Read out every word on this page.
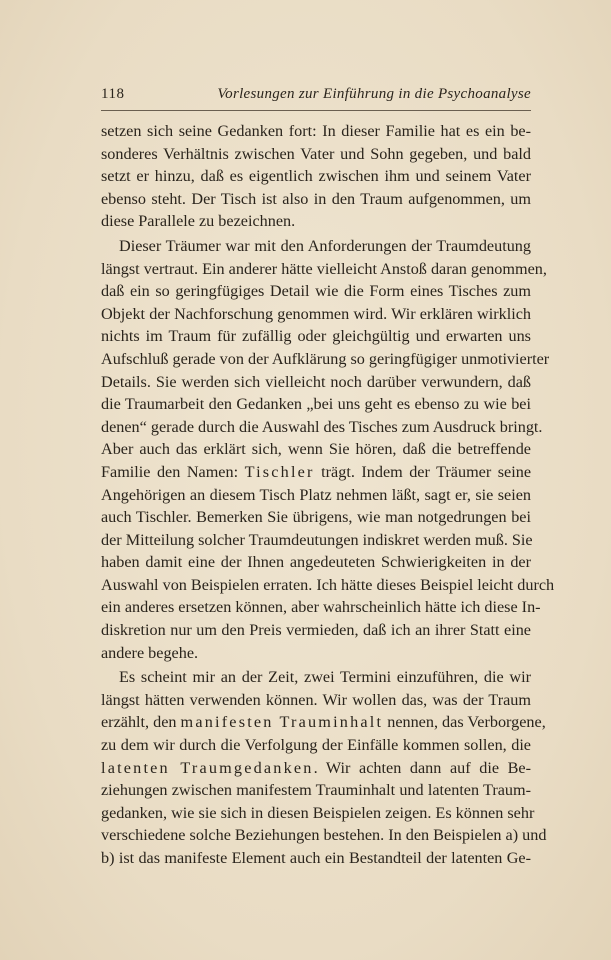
118	Vorlesungen zur Einführung in die Psychoanalyse

setzen sich seine Gedanken fort: In dieser Familie hat es ein be-
sonderes Verhältnis zwischen Vater und Sohn gegeben, und bald
setzt er hinzu, daß es eigentlich zwischen ihm und seinem Vater
ebenso steht. Der Tisch ist also in den Traum aufgenommen, um
diese Parallele zu bezeichnen.

Dieser Träumer war mit den Anforderungen der Traumdeutung
längst vertraut. Ein anderer hätte vielleicht Anstoß daran genommen,
daß ein so geringfügiges Detail wie die Form eines Tisches zum
Objekt der Nachforschung genommen wird. Wir erklären wirklich
nichts im Traum für zufällig oder gleichgültig und erwarten uns
Aufschluß gerade von der Aufklärung so geringfügiger unmotivierter
Details. Sie werden sich vielleicht noch darüber verwundern, daß
die Traumarbeit den Gedanken „bei uns geht es ebenso zu wie bei
denen“ gerade durch die Auswahl des Tisches zum Ausdruck bringt.
Aber auch das erklärt sich, wenn Sie hören, daß die betreffende
Familie den Namen: Tischler trägt. Indem der Träumer seine
Angehörigen an diesem Tisch Platz nehmen läßt, sagt er, sie seien
auch Tischler. Bemerken Sie übrigens, wie man notgedrungen bei
der Mitteilung solcher Traumdeutungen indiskret werden muß. Sie
haben damit eine der Ihnen angedeuteten Schwierigkeiten in der
Auswahl von Beispielen erraten. Ich hätte dieses Beispiel leicht durch
ein anderes ersetzen können, aber wahrscheinlich hätte ich diese In-
diskretion nur um den Preis vermieden, daß ich an ihrer Statt eine
andere begehe.

Es scheint mir an der Zeit, zwei Termini einzuführen, die wir
längst hätten verwenden können. Wir wollen das, was der Traum
erzählt, den manifesten Trauminhalt nennen, das Verborgene,
zu dem wir durch die Verfolgung der Einfälle kommen sollen, die
latenten Traumgedanken. Wir achten dann auf die Be-
ziehungen zwischen manifestem Trauminhalt und latenten Traum-
gedanken, wie sie sich in diesen Beispielen zeigen. Es können sehr
verschiedene solche Beziehungen bestehen. In den Beispielen a) und
b) ist das manifeste Element auch ein Bestandteil der latenten Ge-
